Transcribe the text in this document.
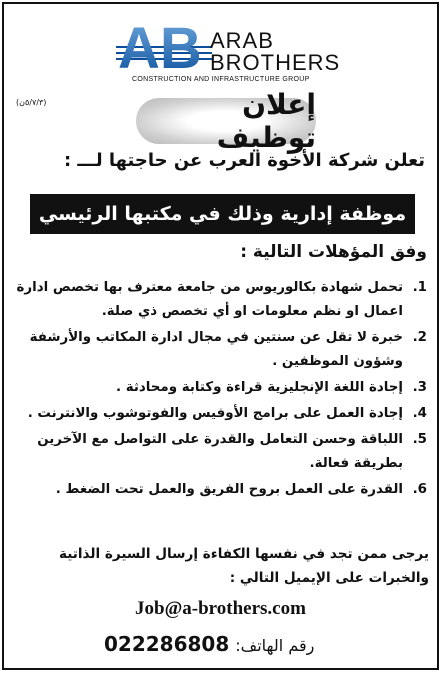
AB ARAB
BROTHERS
CONSTRUCTION AND INFRASTRUCTURE GROUP
(٥/٧/٣ن)	إعلان توظيف
تعلن شركة الأخوة العرب عن حاجتها لـــ :
موظفة إدارية وذلك في مكتبها الرئيسي
وفق المؤهلات التالية :
1.
تحمل شهادة بكالوريوس من جامعة معترف بها تخصص ادارة اعمال او نظم معلومات او أي تخصص ذي صلة.
2.
خبرة لا تقل عن سنتين في مجال ادارة المكاتب والأرشفة وشؤون الموظفين .
3.
إجادة اللغة الإنجليزية قراءة وكتابة ومحادثة .
4.
إجادة العمل على برامج الأوفيس والفوتوشوب والانترنت .
5.
اللباقة وحسن التعامل والقدرة على التواصل مع الآخرين بطريقة فعالة.
6.
القدرة على العمل بروح الفريق والعمل تحت الضغط .
يرجى ممن تجد في نفسها الكفاءة إرسال السيرة الذاتية والخبرات على الإيميل التالي :
Job@a-brothers.com
رقم الهاتف:
022286808
